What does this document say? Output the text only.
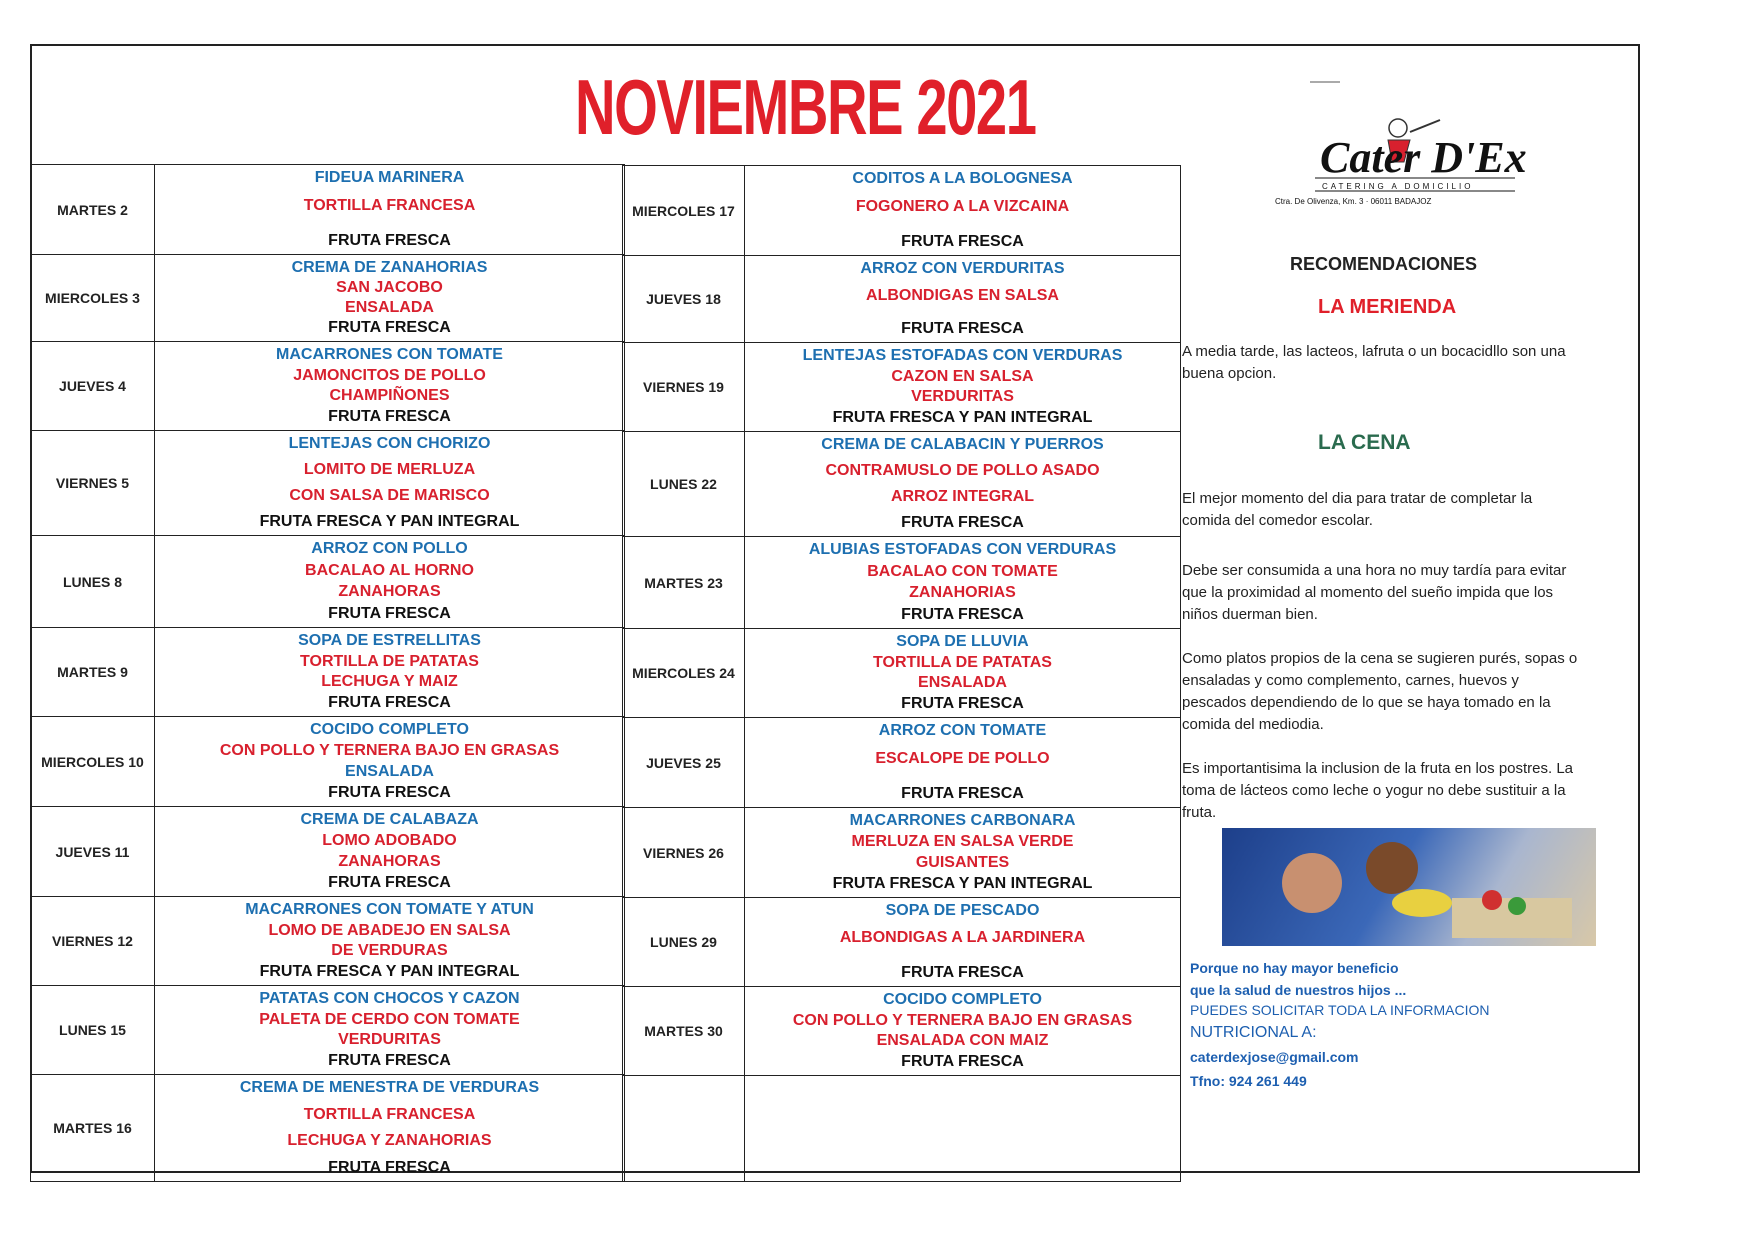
NOVIEMBRE 2021
MARTES 2	FIDEUA MARINERA
TORTILLA FRANCESA
FRUTA FRESCA

MIERCOLES 3	CREMA DE ZANAHORIAS
SAN JACOBO
ENSALADA
FRUTA FRESCA

JUEVES 4	MACARRONES CON TOMATE
JAMONCITOS DE POLLO
CHAMPIÑONES
FRUTA FRESCA

VIERNES 5	LENTEJAS CON CHORIZO
LOMITO DE MERLUZA
CON SALSA DE MARISCO
FRUTA FRESCA Y PAN INTEGRAL

LUNES 8	ARROZ CON POLLO
BACALAO AL HORNO
ZANAHORAS
FRUTA FRESCA

MARTES 9	SOPA DE ESTRELLITAS
TORTILLA DE PATATAS
LECHUGA Y MAIZ
FRUTA FRESCA

MIERCOLES 10	COCIDO COMPLETO
CON POLLO Y TERNERA BAJO EN GRASAS
ENSALADA
FRUTA FRESCA

JUEVES 11	CREMA DE CALABAZA
LOMO ADOBADO
ZANAHORAS
FRUTA FRESCA

VIERNES 12	MACARRONES CON TOMATE Y ATUN
LOMO DE ABADEJO EN SALSA
DE VERDURAS
FRUTA FRESCA Y PAN INTEGRAL

LUNES 15	PATATAS CON CHOCOS Y CAZON
PALETA DE CERDO CON TOMATE
VERDURITAS
FRUTA FRESCA

MARTES 16	CREMA DE MENESTRA DE VERDURAS
TORTILLA FRANCESA
LECHUGA Y ZANAHORIAS
FRUTA FRESCA
MIERCOLES 17	CODITOS A LA BOLOGNESA
FOGONERO A LA VIZCAINA
FRUTA FRESCA

JUEVES 18	ARROZ CON VERDURITAS
ALBONDIGAS EN SALSA
FRUTA FRESCA

VIERNES 19	LENTEJAS ESTOFADAS CON VERDURAS
CAZON EN SALSA
VERDURITAS
FRUTA FRESCA Y PAN INTEGRAL

LUNES 22	CREMA DE CALABACIN Y PUERROS
CONTRAMUSLO DE POLLO ASADO
ARROZ INTEGRAL
FRUTA FRESCA

MARTES 23	ALUBIAS ESTOFADAS CON VERDURAS
BACALAO CON TOMATE
ZANAHORIAS
FRUTA FRESCA

MIERCOLES 24	SOPA DE LLUVIA
TORTILLA DE PATATAS
ENSALADA
FRUTA FRESCA

JUEVES 25	ARROZ CON TOMATE
ESCALOPE DE POLLO
FRUTA FRESCA

VIERNES 26	MACARRONES CARBONARA
MERLUZA EN SALSA VERDE
GUISANTES
FRUTA FRESCA Y PAN INTEGRAL

LUNES 29	SOPA DE PESCADO
ALBONDIGAS A LA JARDINERA
FRUTA FRESCA

MARTES 30	COCIDO COMPLETO
CON POLLO Y TERNERA BAJO EN GRASAS
ENSALADA CON MAIZ
FRUTA FRESCA

Cater D'Ex
CATERING A DOMICILIO
Ctra. De Olivenza, Km. 3 · 06011 BADAJOZ
RECOMENDACIONES
LA MERIENDA
A media tarde, las lacteos, lafruta o un bocacidllo son una buena opcion.
LA CENA
El mejor momento del dia para tratar de completar la comida del comedor escolar.
Debe ser consumida a una hora no muy tardía para evitar que la proximidad al momento del sueño impida que los niños duerman bien.
Como platos propios de la cena se sugieren purés, sopas o ensaladas y como complemento, carnes, huevos y pescados dependiendo de lo que se haya tomado en la comida del mediodia.
Es importantisima la inclusion de la fruta en los postres. La toma de lácteos como leche o yogur no debe sustituir a la fruta.
Porque no hay mayor beneficio
que la salud de nuestros hijos ...
PUEDES SOLICITAR TODA LA INFORMACION
NUTRICIONAL A:
caterdexjose@gmail.com
Tfno: 924 261 449
